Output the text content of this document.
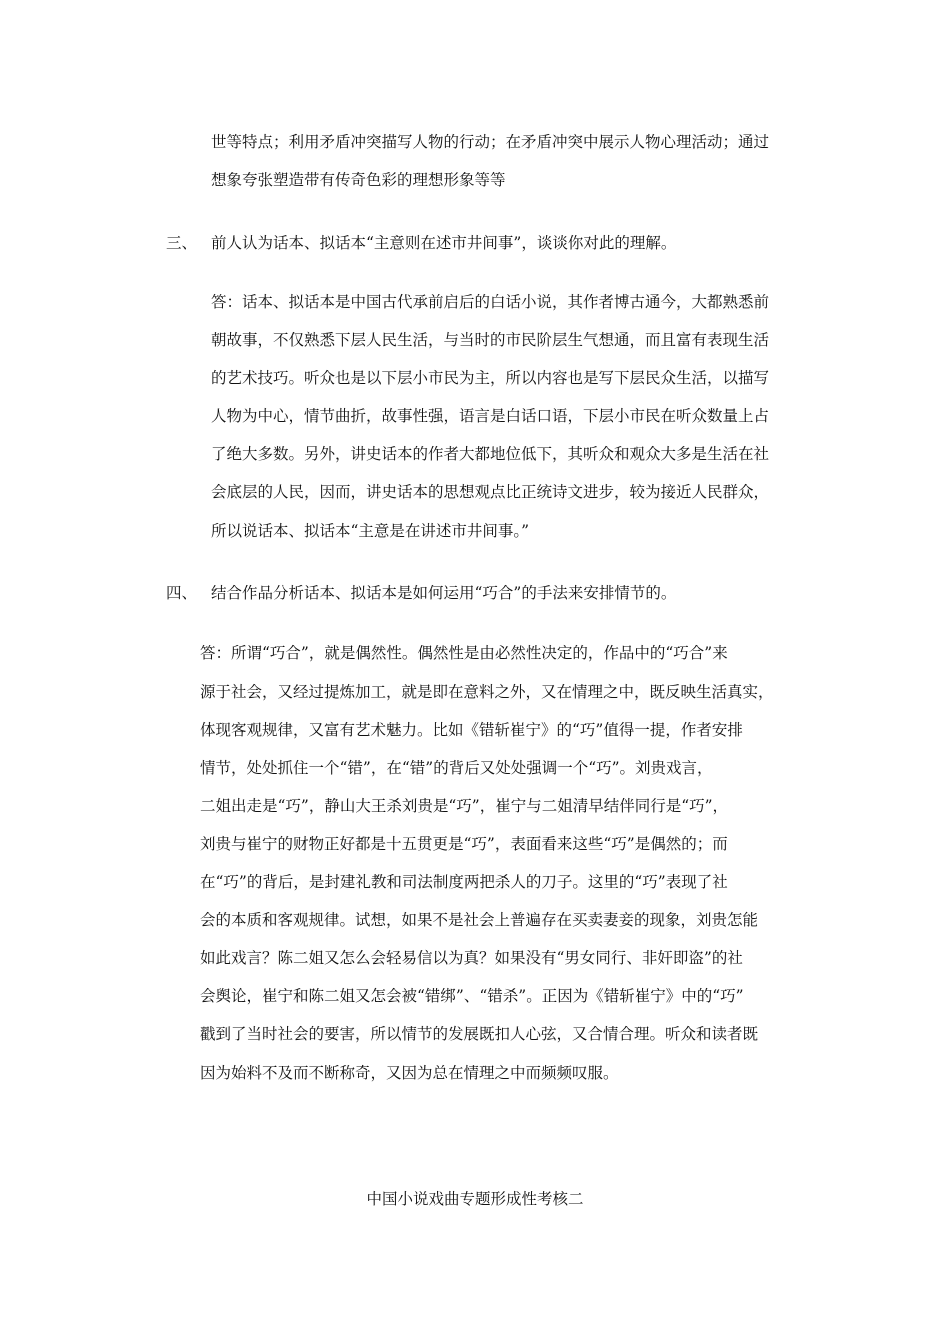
世等特点；利用矛盾冲突描写人物的行动；在矛盾冲突中展示人物心理活动；通过
想象夸张塑造带有传奇色彩的理想形象等等
三、 前人认为话本、拟话本“主意则在述市井间事”，谈谈你对此的理解。
答：话本、拟话本是中国古代承前启后的白话小说，其作者博古通今，大都熟悉前
朝故事，不仅熟悉下层人民生活，与当时的市民阶层生气想通，而且富有表现生活
的艺术技巧。听众也是以下层小市民为主，所以内容也是写下层民众生活，以描写
人物为中心，情节曲折，故事性强，语言是白话口语，下层小市民在听众数量上占
了绝大多数。另外，讲史话本的作者大都地位低下，其听众和观众大多是生活在社
会底层的人民，因而，讲史话本的思想观点比正统诗文进步，较为接近人民群众，
所以说话本、拟话本“主意是在讲述市井间事。”
四、 结合作品分析话本、拟话本是如何运用“巧合”的手法来安排情节的。
答：所谓“巧合”，就是偶然性。偶然性是由必然性决定的，作品中的“巧合”来
源于社会，又经过提炼加工，就是即在意料之外，又在情理之中，既反映生活真实，
体现客观规律，又富有艺术魅力。比如《错斩崔宁》的“巧”值得一提，作者安排
情节，处处抓住一个“错”，在“错”的背后又处处强调一个“巧”。刘贵戏言，
二姐出走是“巧”，静山大王杀刘贵是“巧”，崔宁与二姐清早结伴同行是“巧”，
刘贵与崔宁的财物正好都是十五贯更是“巧”，表面看来这些“巧”是偶然的；而
在“巧”的背后，是封建礼教和司法制度两把杀人的刀子。这里的“巧”表现了社
会的本质和客观规律。试想，如果不是社会上普遍存在买卖妻妾的现象，刘贵怎能
如此戏言？陈二姐又怎么会轻易信以为真？如果没有“男女同行、非奸即盗”的社
会舆论，崔宁和陈二姐又怎会被“错绑”、“错杀”。正因为《错斩崔宁》中的“巧”
戳到了当时社会的要害，所以情节的发展既扣人心弦，又合情合理。听众和读者既
因为始料不及而不断称奇，又因为总在情理之中而频频叹服。
中国小说戏曲专题形成性考核二
